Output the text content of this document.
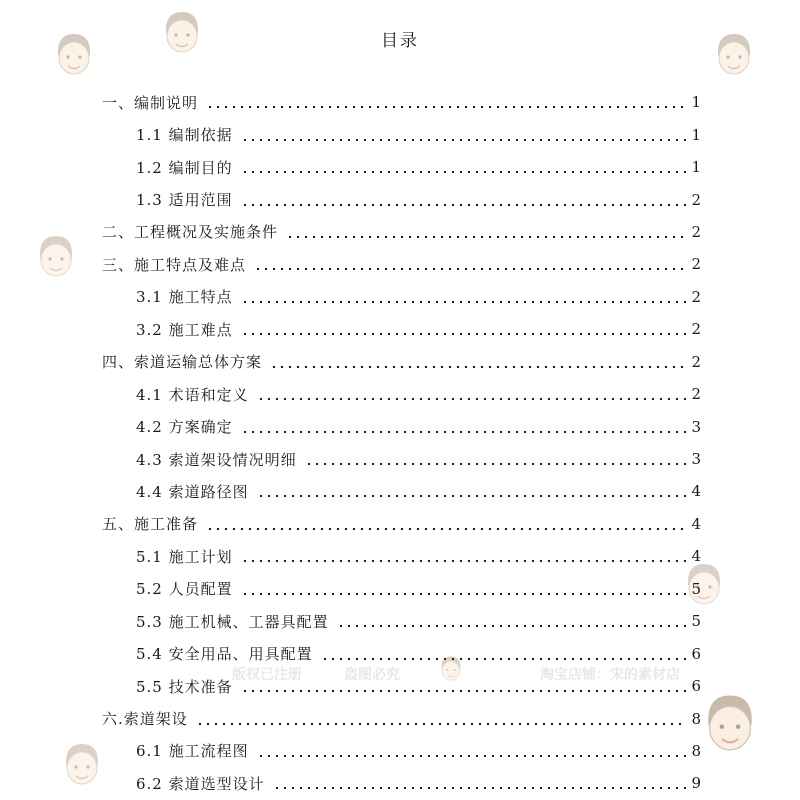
版权已注册	盗图必究	淘宝店铺：宋的素材店
目录
一、编制说明	1
1.1 编制依据	1
1.2 编制目的	1
1.3 适用范围	2
二、工程概况及实施条件	2
三、施工特点及难点	2
3.1 施工特点	2
3.2 施工难点	2
四、索道运输总体方案	2
4.1 术语和定义	2
4.2 方案确定	3
4.3 索道架设情况明细	3
4.4 索道路径图	4
五、施工准备	4
5.1 施工计划	4
5.2 人员配置	5
5.3 施工机械、工器具配置	5
5.4 安全用品、用具配置	6
5.5 技术准备	6
六.索道架设	8
6.1 施工流程图	8
6.2 索道选型设计	9
